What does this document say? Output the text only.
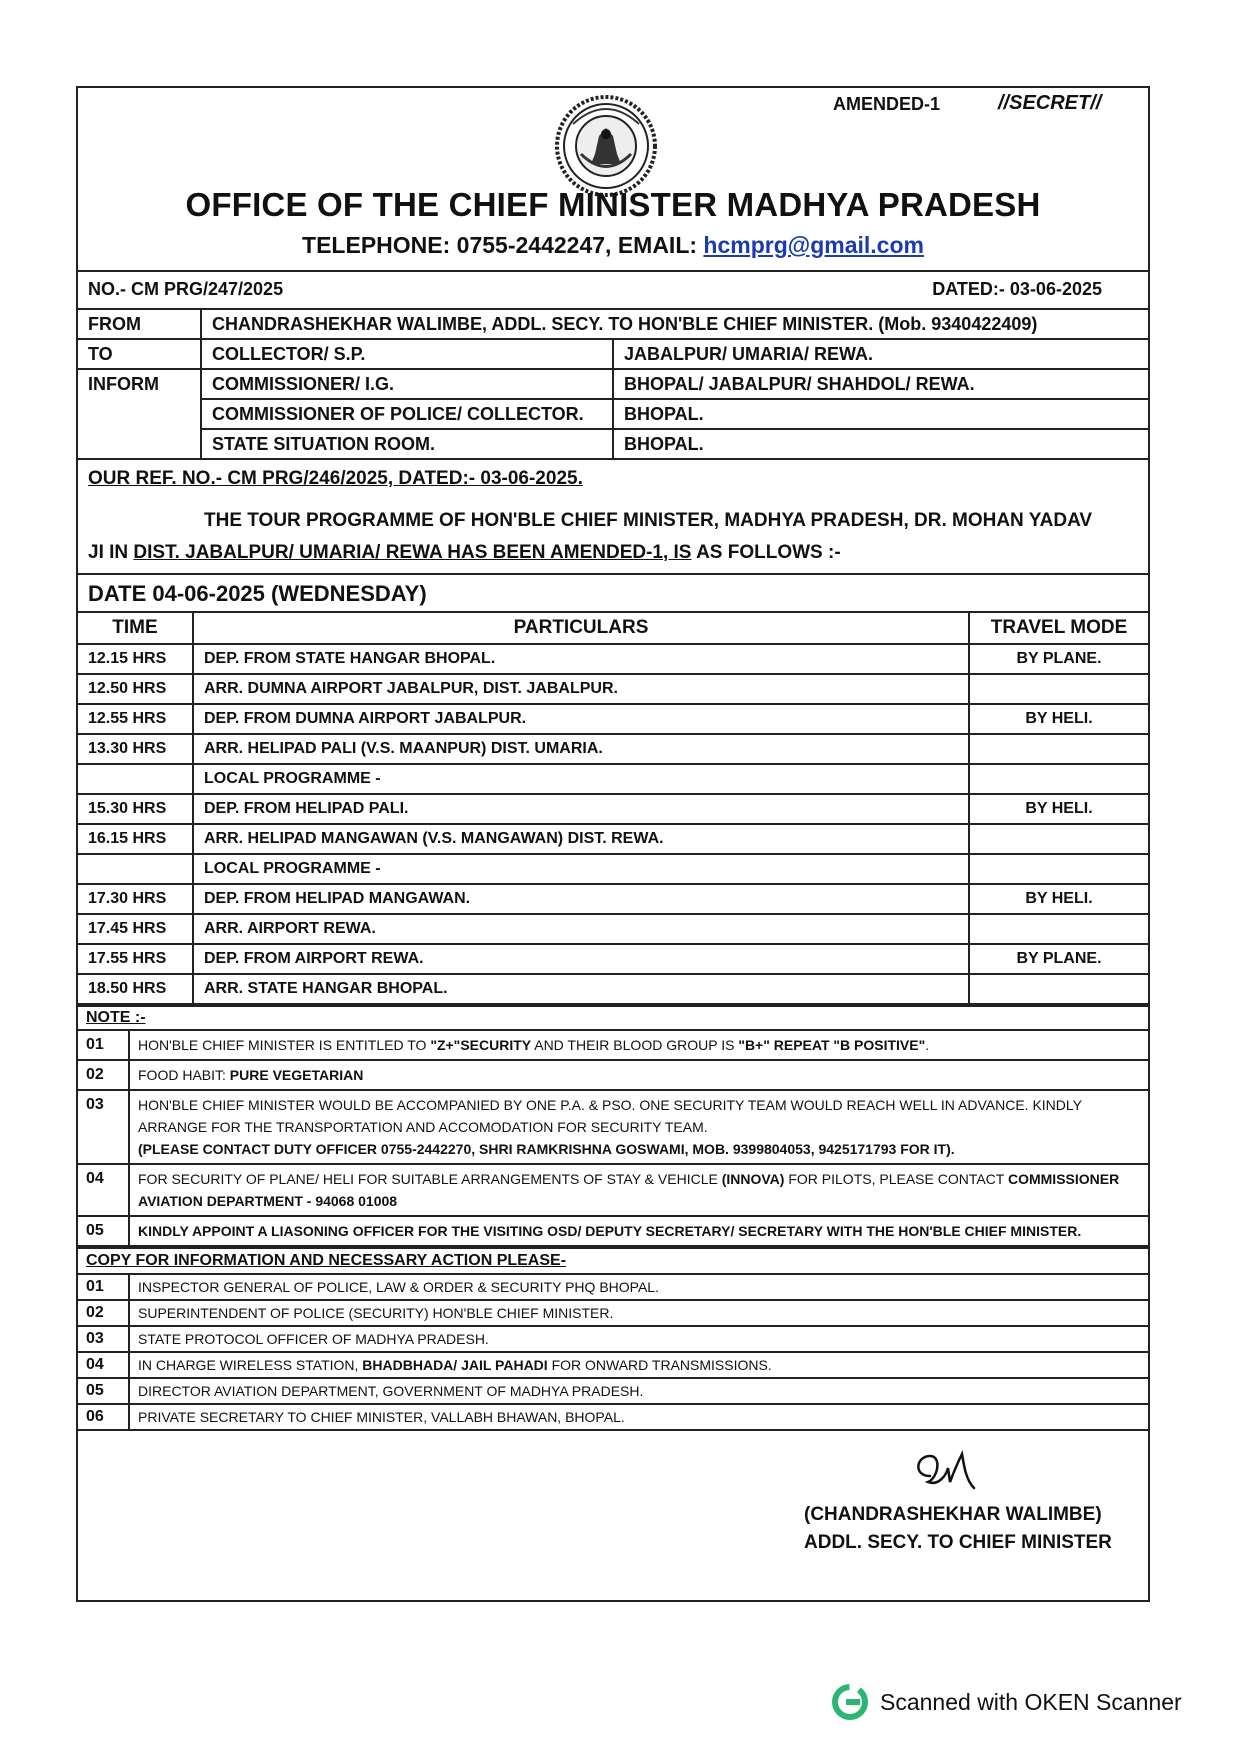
AMENDED-1	//SECRET//
OFFICE OF THE CHIEF MINISTER MADHYA PRADESH
TELEPHONE: 0755-2442247, EMAIL: hcmprg@gmail.com
NO.- CM PRG/247/2025	DATED:- 03-06-2025
FROM	CHANDRASHEKHAR WALIMBE, ADDL. SECY. TO HON'BLE CHIEF MINISTER. (Mob. 9340422409)	
TO	COLLECTOR/ S.P.	JABALPUR/ UMARIA/ REWA.
INFORM	COMMISSIONER/ I.G.	BHOPAL/ JABALPUR/ SHAHDOL/ REWA.
	COMMISSIONER OF POLICE/ COLLECTOR.	BHOPAL.
	STATE SITUATION ROOM.	BHOPAL.
OUR REF. NO.- CM PRG/246/2025, DATED:- 03-06-2025.
THE TOUR PROGRAMME OF HON'BLE CHIEF MINISTER, MADHYA PRADESH, DR. MOHAN YADAV
JI IN DIST. JABALPUR/ UMARIA/ REWA HAS BEEN AMENDED-1, IS AS FOLLOWS :-
DATE 04-06-2025 (WEDNESDAY)
TIME	PARTICULARS	TRAVEL MODE
12.15 HRS	DEP. FROM STATE HANGAR BHOPAL.	BY PLANE.
12.50 HRS	ARR. DUMNA AIRPORT JABALPUR, DIST. JABALPUR.	
12.55 HRS	DEP. FROM DUMNA AIRPORT JABALPUR.	BY HELI.
13.30 HRS	ARR. HELIPAD PALI (V.S. MAANPUR) DIST. UMARIA.	
	LOCAL PROGRAMME -	
15.30 HRS	DEP. FROM HELIPAD PALI.	BY HELI.
16.15 HRS	ARR. HELIPAD MANGAWAN (V.S. MANGAWAN) DIST. REWA.	
	LOCAL PROGRAMME -	
17.30 HRS	DEP. FROM HELIPAD MANGAWAN.	BY HELI.
17.45 HRS	ARR. AIRPORT REWA.	
17.55 HRS	DEP. FROM AIRPORT REWA.	BY PLANE.
18.50 HRS	ARR. STATE HANGAR BHOPAL.	
NOTE :-	
01	HON'BLE CHIEF MINISTER IS ENTITLED TO "Z+"SECURITY AND THEIR BLOOD GROUP IS "B+" REPEAT "B POSITIVE".
02	FOOD HABIT: PURE VEGETARIAN
03	HON'BLE CHIEF MINISTER WOULD BE ACCOMPANIED BY ONE P.A. & PSO. ONE SECURITY TEAM WOULD REACH WELL IN ADVANCE. KINDLY ARRANGE FOR THE TRANSPORTATION AND ACCOMODATION FOR SECURITY TEAM.
(PLEASE CONTACT DUTY OFFICER 0755-2442270, SHRI RAMKRISHNA GOSWAMI, MOB. 9399804053, 9425171793 FOR IT).
04	FOR SECURITY OF PLANE/ HELI FOR SUITABLE ARRANGEMENTS OF STAY & VEHICLE (INNOVA) FOR PILOTS, PLEASE CONTACT COMMISSIONER AVIATION DEPARTMENT - 94068 01008
05	KINDLY APPOINT A LIASONING OFFICER FOR THE VISITING OSD/ DEPUTY SECRETARY/ SECRETARY WITH THE HON'BLE CHIEF MINISTER.
COPY FOR INFORMATION AND NECESSARY ACTION PLEASE-	
01	INSPECTOR GENERAL OF POLICE, LAW & ORDER & SECURITY PHQ BHOPAL.
02	SUPERINTENDENT OF POLICE (SECURITY) HON'BLE CHIEF MINISTER.
03	STATE PROTOCOL OFFICER OF MADHYA PRADESH.
04	IN CHARGE WIRELESS STATION, BHADBHADA/ JAIL PAHADI FOR ONWARD TRANSMISSIONS.
05	DIRECTOR AVIATION DEPARTMENT, GOVERNMENT OF MADHYA PRADESH.
06	PRIVATE SECRETARY TO CHIEF MINISTER, VALLABH BHAWAN, BHOPAL.
(CHANDRASHEKHAR WALIMBE)
ADDL. SECY. TO CHIEF MINISTER
Scanned with OKEN Scanner
